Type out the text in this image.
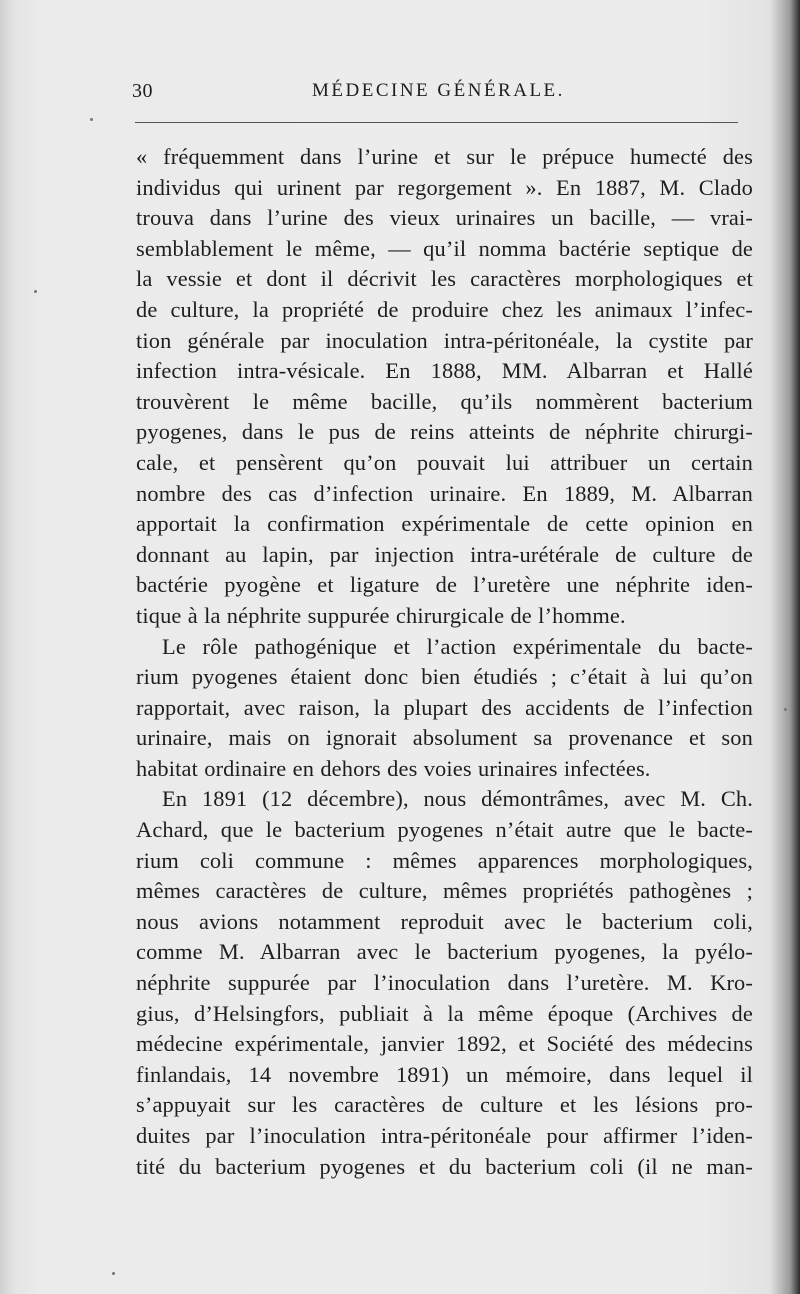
30	MÉDECINE GÉNÉRALE.
« fréquemment dans l’urine et sur le prépuce humecté des
individus qui urinent par regorgement ». En 1887, M. Clado
trouva dans l’urine des vieux urinaires un bacille, — vrai-
semblablement le même, — qu’il nomma bactérie septique de
la vessie et dont il décrivit les caractères morphologiques et
de culture, la propriété de produire chez les animaux l’infec-
tion générale par inoculation intra-péritonéale, la cystite par
infection intra-vésicale. En 1888, MM. Albarran et Hallé
trouvèrent le même bacille, qu’ils nommèrent bacterium
pyogenes, dans le pus de reins atteints de néphrite chirurgi-
cale, et pensèrent qu’on pouvait lui attribuer un certain
nombre des cas d’infection urinaire. En 1889, M. Albarran
apportait la confirmation expérimentale de cette opinion en
donnant au lapin, par injection intra-urétérale de culture de
bactérie pyogène et ligature de l’uretère une néphrite iden-
tique à la néphrite suppurée chirurgicale de l’homme.
Le rôle pathogénique et l’action expérimentale du bacte-
rium pyogenes étaient donc bien étudiés ; c’était à lui qu’on
rapportait, avec raison, la plupart des accidents de l’infection
urinaire, mais on ignorait absolument sa provenance et son
habitat ordinaire en dehors des voies urinaires infectées.
En 1891 (12 décembre), nous démontrâmes, avec M. Ch.
Achard, que le bacterium pyogenes n’était autre que le bacte-
rium coli commune : mêmes apparences morphologiques,
mêmes caractères de culture, mêmes propriétés pathogènes ;
nous avions notamment reproduit avec le bacterium coli,
comme M. Albarran avec le bacterium pyogenes, la pyélo-
néphrite suppurée par l’inoculation dans l’uretère. M. Kro-
gius, d’Helsingfors, publiait à la même époque (Archives de
médecine expérimentale, janvier 1892, et Société des médecins
finlandais, 14 novembre 1891) un mémoire, dans lequel il
s’appuyait sur les caractères de culture et les lésions pro-
duites par l’inoculation intra-péritonéale pour affirmer l’iden-
tité du bacterium pyogenes et du bacterium coli (il ne man-
